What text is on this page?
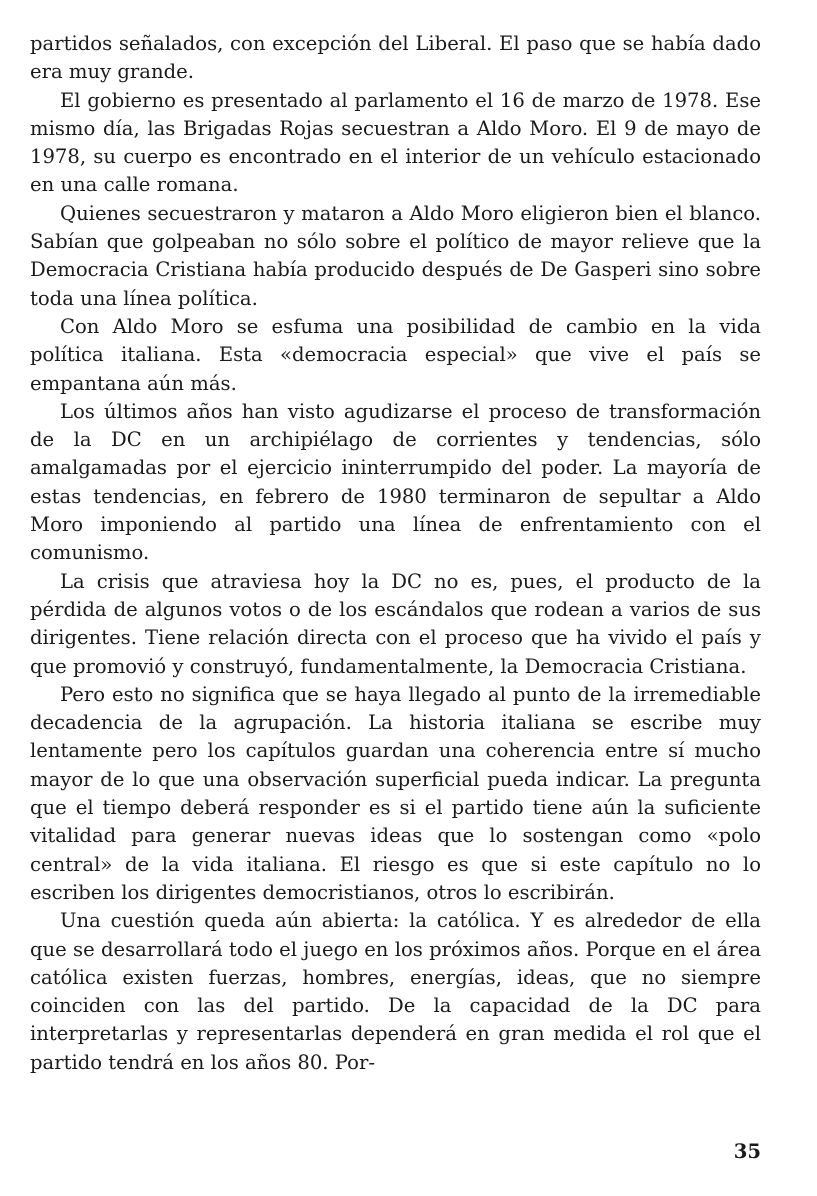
partidos señalados, con excepción del Liberal. El paso que se había dado era muy grande.

El gobierno es presentado al parlamento el 16 de marzo de 1978. Ese mismo día, las Brigadas Rojas secuestran a Aldo Moro. El 9 de mayo de 1978, su cuerpo es encontrado en el interior de un vehículo estacionado en una calle romana.

Quienes secuestraron y mataron a Aldo Moro eligieron bien el blanco. Sabían que golpeaban no sólo sobre el político de mayor relieve que la Democracia Cristiana había producido después de De Gasperi sino sobre toda una línea política.

Con Aldo Moro se esfuma una posibilidad de cambio en la vida política italiana. Esta «democracia especial» que vive el país se empantana aún más.

Los últimos años han visto agudizarse el proceso de transformación de la DC en un archipiélago de corrientes y tendencias, sólo amalgamadas por el ejercicio ininterrumpido del poder. La mayoría de estas tendencias, en febrero de 1980 terminaron de sepultar a Aldo Moro imponiendo al partido una línea de enfrentamiento con el comunismo.

La crisis que atraviesa hoy la DC no es, pues, el producto de la pérdida de algunos votos o de los escándalos que rodean a varios de sus dirigentes. Tiene relación directa con el proceso que ha vivido el país y que promovió y construyó, fundamentalmente, la Democracia Cristiana.

Pero esto no significa que se haya llegado al punto de la irremediable decadencia de la agrupación. La historia italiana se escribe muy lentamente pero los capítulos guardan una coherencia entre sí mucho mayor de lo que una observación superficial pueda indicar. La pregunta que el tiempo deberá responder es si el partido tiene aún la suficiente vitalidad para generar nuevas ideas que lo sostengan como «polo central» de la vida italiana. El riesgo es que si este capítulo no lo escriben los dirigentes democristianos, otros lo escribirán.

Una cuestión queda aún abierta: la católica. Y es alrededor de ella que se desarrollará todo el juego en los próximos años. Porque en el área católica existen fuerzas, hombres, energías, ideas, que no siempre coinciden con las del partido. De la capacidad de la DC para interpretarlas y representarlas dependerá en gran medida el rol que el partido tendrá en los años 80. Por-

35
